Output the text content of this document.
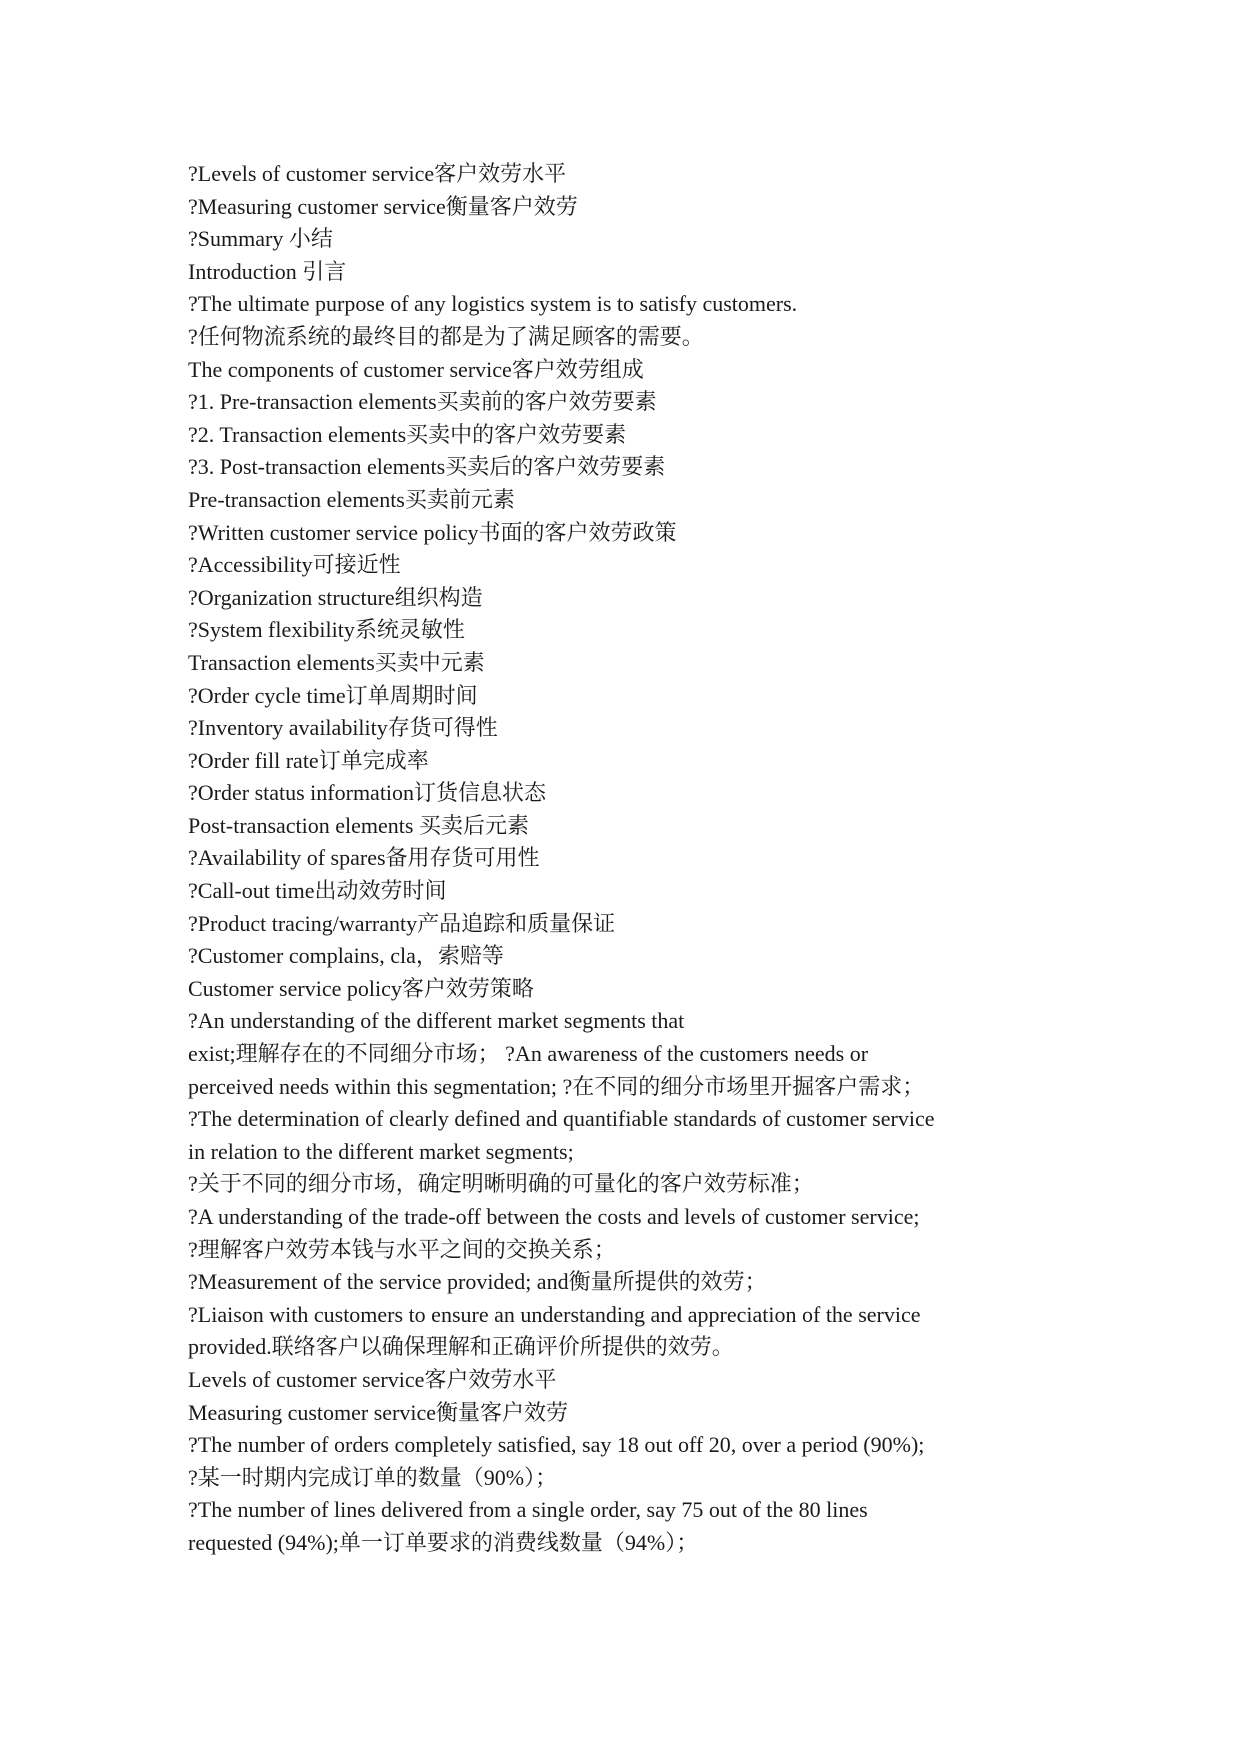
?Levels of customer service客户效劳水平
?Measuring customer service衡量客户效劳
?Summary 小结
Introduction 引言
?The ultimate purpose of any logistics system is to satisfy customers.
?任何物流系统的最终目的都是为了满足顾客的需要。
The components of customer service客户效劳组成
?1. Pre-transaction elements买卖前的客户效劳要素
?2. Transaction elements买卖中的客户效劳要素
?3. Post-transaction elements买卖后的客户效劳要素
Pre-transaction elements买卖前元素
?Written customer service policy书面的客户效劳政策
?Accessibility可接近性
?Organization structure组织构造
?System flexibility系统灵敏性
Transaction elements买卖中元素
?Order cycle time订单周期时间
?Inventory availability存货可得性
?Order fill rate订单完成率
?Order status information订货信息状态
Post-transaction elements 买卖后元素
?Availability of spares备用存货可用性
?Call-out time出动效劳时间
?Product tracing/warranty产品追踪和质量保证
?Customer complains, cla，索赔等
Customer service policy客户效劳策略
?An understanding of the different market segments that
exist;理解存在的不同细分市场； ?An awareness of the customers needs or
perceived needs within this segmentation; ?在不同的细分市场里开掘客户需求；
?The determination of clearly defined and quantifiable standards of customer service
in relation to the different market segments;
?关于不同的细分市场，确定明晰明确的可量化的客户效劳标准；
?A understanding of the trade-off between the costs and levels of customer service;
?理解客户效劳本钱与水平之间的交换关系；
?Measurement of the service provided; and衡量所提供的效劳；
?Liaison with customers to ensure an understanding and appreciation of the service
provided.联络客户以确保理解和正确评价所提供的效劳。
Levels of customer service客户效劳水平
Measuring customer service衡量客户效劳
?The number of orders completely satisfied, say 18 out off 20, over a period (90%);
?某一时期内完成订单的数量（90%）；
?The number of lines delivered from a single order, say 75 out of the 80 lines
requested (94%);单一订单要求的消费线数量（94%）；
